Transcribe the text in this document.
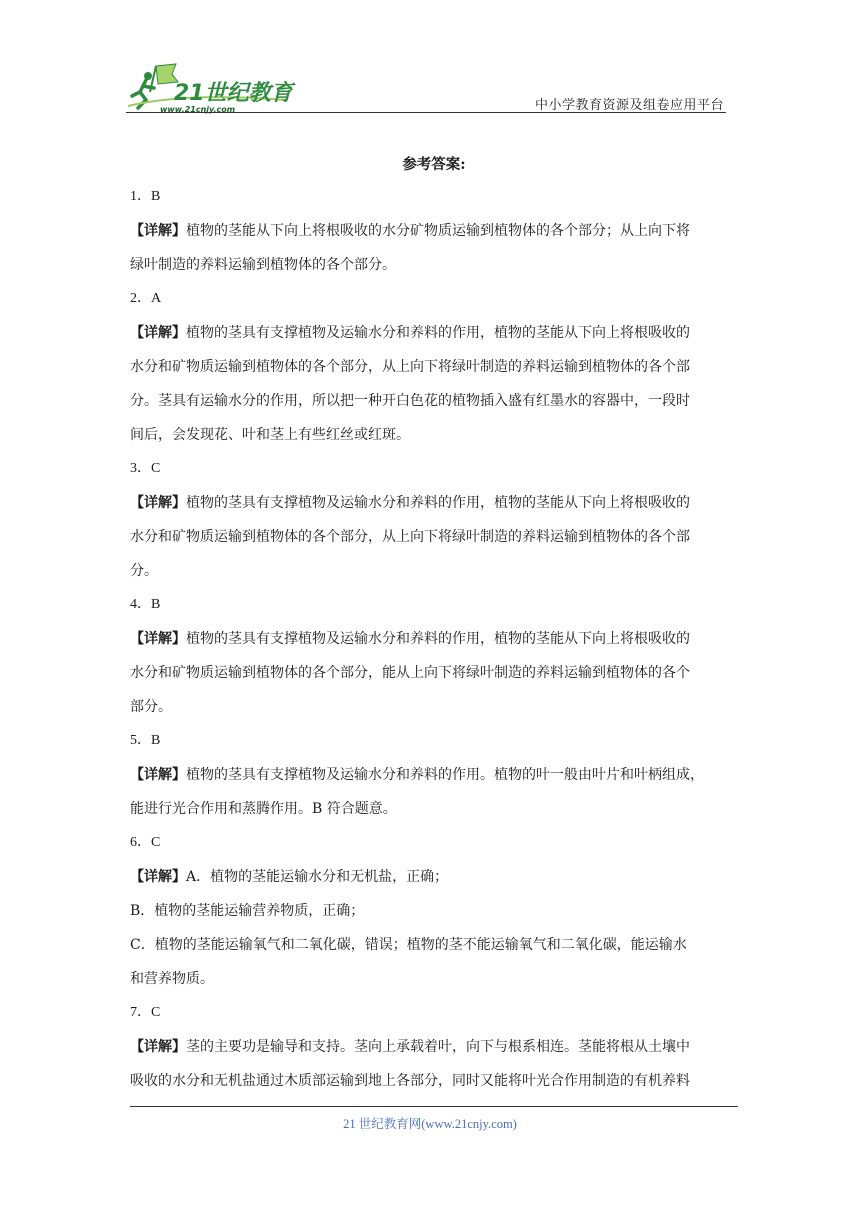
21世纪教育
www.21cnjy.com	中小学教育资源及组卷应用平台

参考答案:

1．B

【详解】植物的茎能从下向上将根吸收的水分矿物质运输到植物体的各个部分；从上向下将

绿叶制造的养料运输到植物体的各个部分。

2．A

【详解】植物的茎具有支撑植物及运输水分和养料的作用，植物的茎能从下向上将根吸收的

水分和矿物质运输到植物体的各个部分，从上向下将绿叶制造的养料运输到植物体的各个部

分。茎具有运输水分的作用，所以把一种开白色花的植物插入盛有红墨水的容器中，一段时

间后，会发现花、叶和茎上有些红丝或红斑。

3．C

【详解】植物的茎具有支撑植物及运输水分和养料的作用，植物的茎能从下向上将根吸收的

水分和矿物质运输到植物体的各个部分，从上向下将绿叶制造的养料运输到植物体的各个部

分。

4．B

【详解】植物的茎具有支撑植物及运输水分和养料的作用，植物的茎能从下向上将根吸收的

水分和矿物质运输到植物体的各个部分，能从上向下将绿叶制造的养料运输到植物体的各个

部分。

5．B

【详解】植物的茎具有支撑植物及运输水分和养料的作用。植物的叶一般由叶片和叶柄组成，

能进行光合作用和蒸腾作用。B 符合题意。

6．C

【详解】A．植物的茎能运输水分和无机盐，正确；

B．植物的茎能运输营养物质，正确；

C．植物的茎能运输氧气和二氧化碳，错误；植物的茎不能运输氧气和二氧化碳，能运输水

和营养物质。

7．C

【详解】茎的主要功是输导和支持。茎向上承载着叶，向下与根系相连。茎能将根从土壤中

吸收的水分和无机盐通过木质部运输到地上各部分，同时又能将叶光合作用制造的有机养料

21 世纪教育网(www.21cnjy.com)
